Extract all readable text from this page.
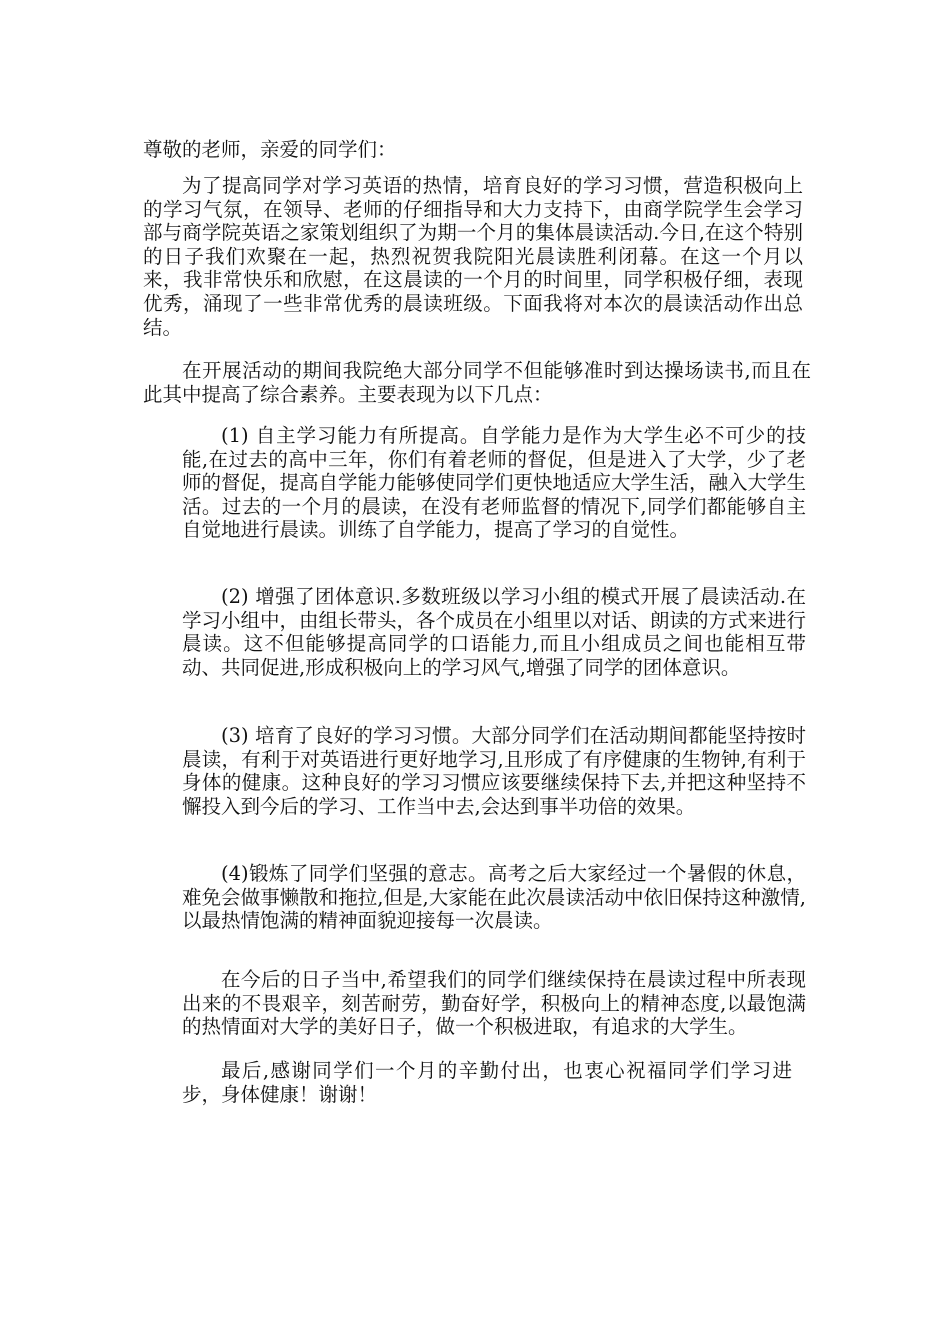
尊敬的老师，亲爱的同学们：

为了提高同学对学习英语的热情，培育良好的学习习惯，营造积极向上的学习气氛，在领导、老师的仔细指导和大力支持下，由商学院学生会学习部与商学院英语之家策划组织了为期一个月的集体晨读活动.今日,在这个特别的日子我们欢聚在一起，热烈祝贺我院阳光晨读胜利闭幕。在这一个月以来，我非常快乐和欣慰，在这晨读的一个月的时间里，同学积极仔细，表现优秀，涌现了一些非常优秀的晨读班级。下面我将对本次的晨读活动作出总结。

在开展活动的期间我院绝大部分同学不但能够准时到达操场读书,而且在此其中提高了综合素养。主要表现为以下几点：

(1) 自主学习能力有所提高。自学能力是作为大学生必不可少的技能,在过去的高中三年，你们有着老师的督促，但是进入了大学，少了老师的督促，提高自学能力能够使同学们更快地适应大学生活，融入大学生活。过去的一个月的晨读，在没有老师监督的情况下,同学们都能够自主自觉地进行晨读。训练了自学能力，提高了学习的自觉性。

(2) 增强了团体意识.多数班级以学习小组的模式开展了晨读活动.在学习小组中，由组长带头，各个成员在小组里以对话、朗读的方式来进行晨读。这不但能够提高同学的口语能力,而且小组成员之间也能相互带动、共同促进,形成积极向上的学习风气,增强了同学的团体意识。

(3) 培育了良好的学习习惯。大部分同学们在活动期间都能坚持按时晨读，有利于对英语进行更好地学习,且形成了有序健康的生物钟,有利于身体的健康。这种良好的学习习惯应该要继续保持下去,并把这种坚持不懈投入到今后的学习、工作当中去,会达到事半功倍的效果。

(4)锻炼了同学们坚强的意志。高考之后大家经过一个暑假的休息，难免会做事懒散和拖拉,但是,大家能在此次晨读活动中依旧保持这种激情,以最热情饱满的精神面貌迎接每一次晨读。

在今后的日子当中,希望我们的同学们继续保持在晨读过程中所表现出来的不畏艰辛，刻苦耐劳，勤奋好学，积极向上的精神态度,以最饱满的热情面对大学的美好日子，做一个积极进取，有追求的大学生。

最后,感谢同学们一个月的辛勤付出，也衷心祝福同学们学习进步，身体健康！谢谢！
